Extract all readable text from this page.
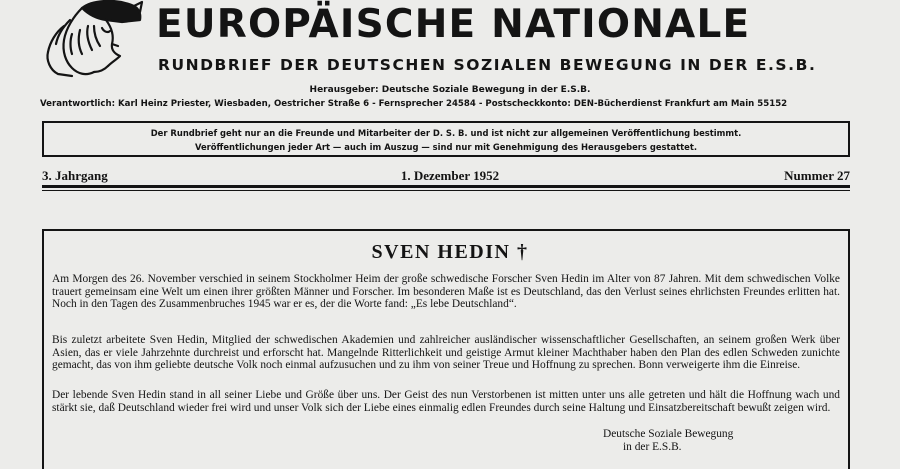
EUROPÄISCHE NATIONALE
RUNDBRIEF DER DEUTSCHEN SOZIALEN BEWEGUNG IN DER E.S.B.
Herausgeber: Deutsche Soziale Bewegung in der E.S.B.
Verantwortlich: Karl Heinz Priester, Wiesbaden, Oestricher Straße 6 - Fernsprecher 24584 - Postscheckkonto: DEN-Bücherdienst Frankfurt am Main 55152
Der Rundbrief geht nur an die Freunde und Mitarbeiter der D. S. B. und ist nicht zur allgemeinen Veröffentlichung bestimmt.
Veröffentlichungen jeder Art — auch im Auszug — sind nur mit Genehmigung des Herausgebers gestattet.
3. Jahrgang	1. Dezember 1952	Nummer 27
SVEN HEDIN †

Am Morgen des 26. November verschied in seinem Stockholmer Heim der große schwedische Forscher Sven Hedin im Alter von 87 Jahren. Mit dem schwedischen Volke trauert gemeinsam eine Welt um einen ihrer größten Männer und Forscher. Im besonderen Maße ist es Deutschland, das den Verlust seines ehrlichsten Freundes erlitten hat. Noch in den Tagen des Zusammenbruches 1945 war er es, der die Worte fand: „Es lebe Deutschland“.

Bis zuletzt arbeitete Sven Hedin, Mitglied der schwedischen Akademien und zahlreicher ausländischer wissenschaftlicher Gesellschaften, an seinem großen Werk über Asien, das er viele Jahrzehnte durchreist und erforscht hat. Mangelnde Ritterlichkeit und geistige Armut kleiner Machthaber haben den Plan des edlen Schweden zunichte gemacht, das von ihm geliebte deutsche Volk noch einmal aufzusuchen und zu ihm von seiner Treue und Hoffnung zu sprechen. Bonn verweigerte ihm die Einreise.

Der lebende Sven Hedin stand in all seiner Liebe und Größe über uns. Der Geist des nun Verstorbenen ist mitten unter uns alle getreten und hält die Hoffnung wach und stärkt sie, daß Deutschland wieder frei wird und unser Volk sich der Liebe eines einmalig edlen Freundes durch seine Haltung und Einsatzbereitschaft bewußt zeigen wird.

Deutsche Soziale Bewegung
in der E.S.B.
